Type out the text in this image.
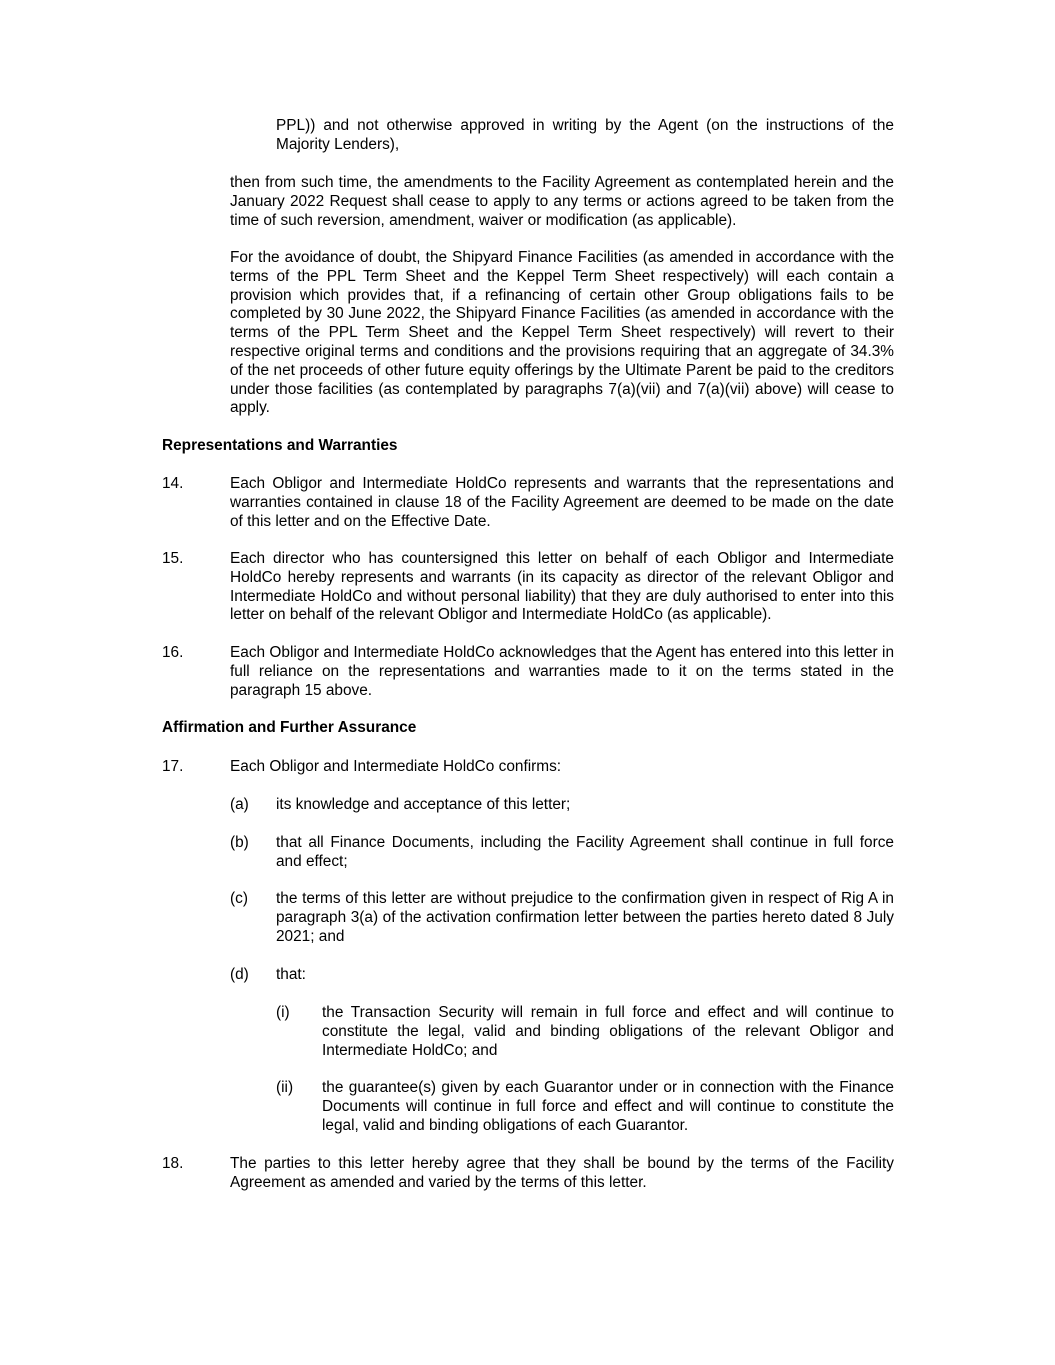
PPL)) and not otherwise approved in writing by the Agent (on the instructions of the Majority Lenders),

then from such time, the amendments to the Facility Agreement as contemplated herein and the January 2022 Request shall cease to apply to any terms or actions agreed to be taken from the time of such reversion, amendment, waiver or modification (as applicable).

For the avoidance of doubt, the Shipyard Finance Facilities (as amended in accordance with the terms of the PPL Term Sheet and the Keppel Term Sheet respectively) will each contain a provision which provides that, if a refinancing of certain other Group obligations fails to be completed by 30 June 2022, the Shipyard Finance Facilities (as amended in accordance with the terms of the PPL Term Sheet and the Keppel Term Sheet respectively) will revert to their respective original terms and conditions and the provisions requiring that an aggregate of 34.3% of the net proceeds of other future equity offerings by the Ultimate Parent be paid to the creditors under those facilities (as contemplated by paragraphs 7(a)(vii) and 7(a)(vii) above) will cease to apply.

Representations and Warranties

14.	Each Obligor and Intermediate HoldCo represents and warrants that the representations and warranties contained in clause 18 of the Facility Agreement are deemed to be made on the date of this letter and on the Effective Date.

15.	Each director who has countersigned this letter on behalf of each Obligor and Intermediate HoldCo hereby represents and warrants (in its capacity as director of the relevant Obligor and Intermediate HoldCo and without personal liability) that they are duly authorised to enter into this letter on behalf of the relevant Obligor and Intermediate HoldCo (as applicable).

16.	Each Obligor and Intermediate HoldCo acknowledges that the Agent has entered into this letter in full reliance on the representations and warranties made to it on the terms stated in the paragraph 15 above.

Affirmation and Further Assurance

17.	Each Obligor and Intermediate HoldCo confirms:

(a) its knowledge and acceptance of this letter;

(b) that all Finance Documents, including the Facility Agreement shall continue in full force and effect;

(c) the terms of this letter are without prejudice to the confirmation given in respect of Rig A in paragraph 3(a) of the activation confirmation letter between the parties hereto dated 8 July 2021; and

(d) that:

(i) the Transaction Security will remain in full force and effect and will continue to constitute the legal, valid and binding obligations of the relevant Obligor and Intermediate HoldCo; and

(ii) the guarantee(s) given by each Guarantor under or in connection with the Finance Documents will continue in full force and effect and will continue to constitute the legal, valid and binding obligations of each Guarantor.

18.	The parties to this letter hereby agree that they shall be bound by the terms of the Facility Agreement as amended and varied by the terms of this letter.
